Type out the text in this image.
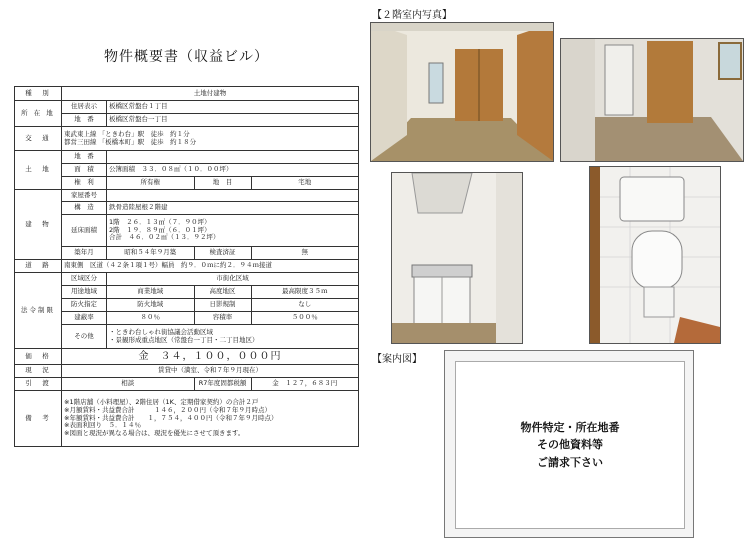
物件概要書（収益ビル）
種　別	土地付建物			
所 在 地	住居表示	板橋区常盤台１丁目		
	地　番	板橋区常盤台一丁目		
交　通	東武東上線 「ときわ台」駅　徒歩　約１分
都営三田線 「板橋本町」駅　徒歩　約１８分			

土　地	地　番			
	面　積	公簿面積　３３．０８㎡（１０．００坪）		
	権　利	所有権	地　目	宅地
建　物	家屋番号			
	構　造	鉄骨造陸屋根２階建		
	延床面積	1階　２６．１３㎡（７．９０坪）
2階　１９．８９㎡（６．０１坪）
合計　４６．０２㎡（１３．９２坪）		

	築年月	昭和５４年９月築	検査済証	無
道　路	南東側　区道（４２条１項１号）幅員　約９．０ｍに約２．９４ｍ接道			
法令制限	区域区分	市街化区域		
	用途地域	商業地域	高度地区	最高限度３５ｍ
	防火指定	防火地域	日影規制	なし
	建蔽率	８０％	容積率	５００％
	その他	・ときわ台しゃれ街協議会活動区域
・景観形成重点地区（常盤台一丁目・二丁目地区）		

価　格	金　３４，１００，０００円			
現　況	賃貸中（満室、令和７年９月現在）			
引　渡	相談		R7年度固都税額	金　１２７，６８３円
備　考	※1階店舗（小料理屋）、2階住居（1K、定期借家契約）の合計２戸
※月額賃料・共益費合計　　　１４６，２００円（令和７年９月時点）
※年額賃料・共益費合計　　１，７５４，４００円（令和７年９月時点）
※表面利回り　５．１４％
※図面と現況が異なる場合は、現況を優先にさせて頂きます。			
【２階室内写真】
【案内図】
物件特定・所在地番
その他資料等
ご請求下さい
